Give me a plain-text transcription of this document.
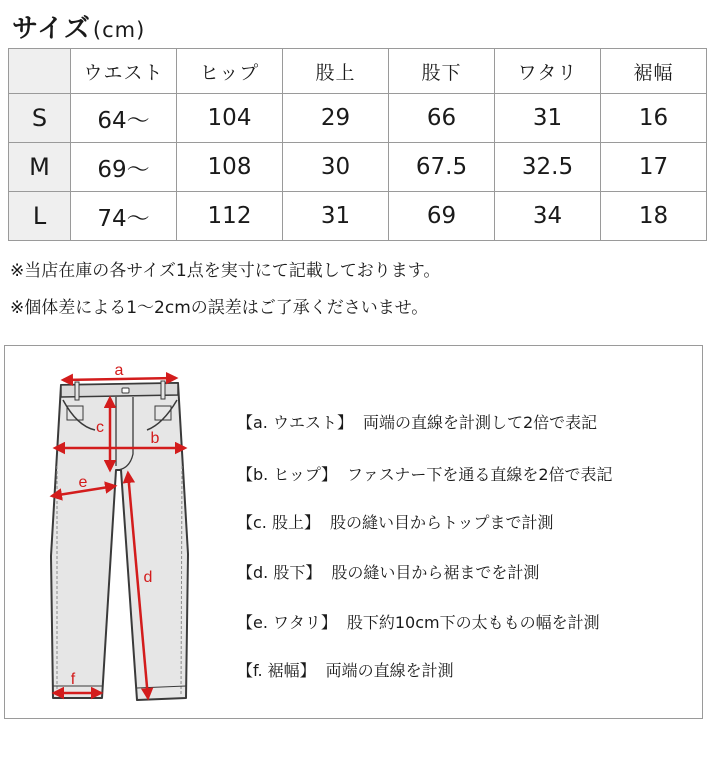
サイズ(cm)
	ウエスト	ヒップ	股上	股下	ワタリ	裾幅
S	64〜	104	29	66	31	16
M	69〜	108	30	67.5	32.5	17
L	74〜	112	31	69	34	18
※当店在庫の各サイズ1点を実寸にて記載しております。
※個体差による1〜2cmの誤差はご了承くださいませ。
a
b
c
d
e
f
【a. ウエスト】 両端の直線を計測して2倍で表記
【b. ヒップ】 ファスナー下を通る直線を2倍で表記
【c. 股上】 股の縫い目からトップまで計測
【d. 股下】 股の縫い目から裾までを計測
【e. ワタリ】 股下約10cm下の太ももの幅を計測
【f. 裾幅】 両端の直線を計測
